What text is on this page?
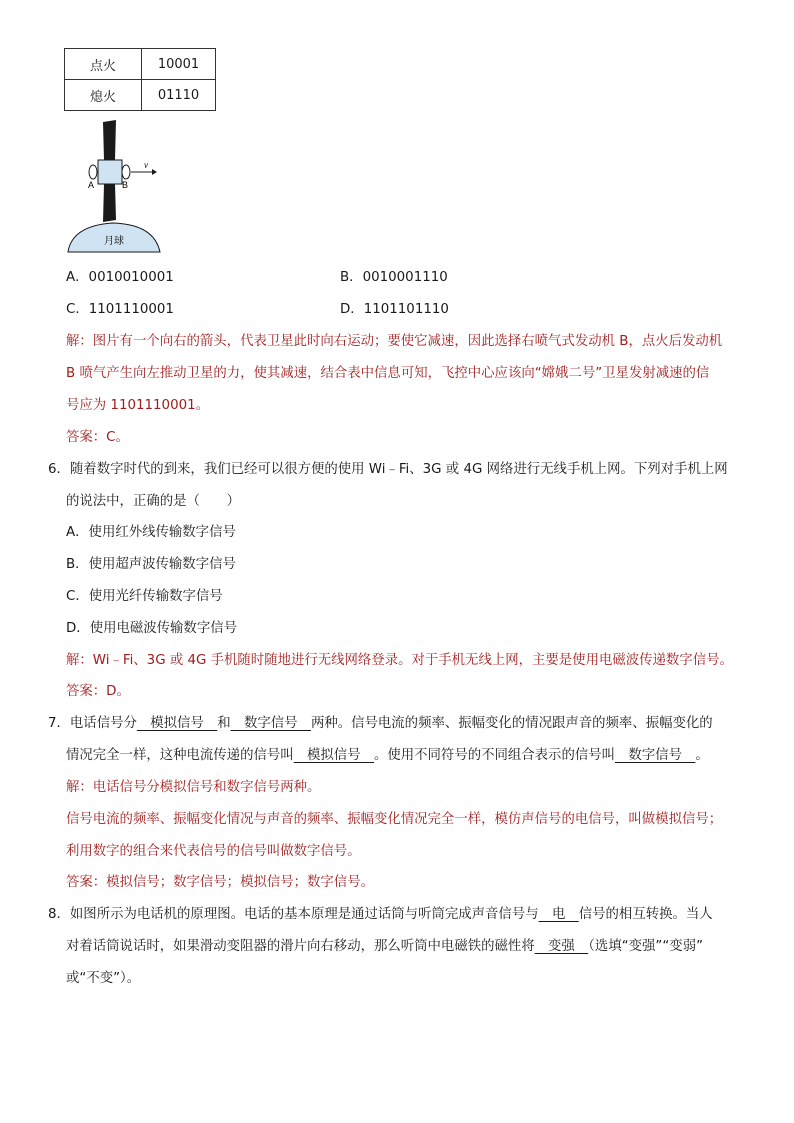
点火	10001
熄火	01110
v
A	B
月球
A．0010010001	B．0010001110
C．1101110001	D．1101101110
解：图片有一个向右的箭头，代表卫星此时向右运动；要使它减速，因此选择右喷气式发动机 B，点火后发动机
B 喷气产生向左推动卫星的力，使其减速，结合表中信息可知，飞控中心应该向“嫦娥二号”卫星发射减速的信
号应为 1101110001。
答案：C。
6．随着数字时代的到来，我们已经可以很方便的使用 Wi﹣Fi、3G 或 4G 网络进行无线手机上网。下列对手机上网
的说法中，正确的是（　　）
A．使用红外线传输数字信号
B．使用超声波传输数字信号
C．使用光纤传输数字信号
D．使用电磁波传输数字信号
解：Wi﹣Fi、3G 或 4G 手机随时随地进行无线网络登录。对于手机无线上网，主要是使用电磁波传递数字信号。
答案：D。
7．电话信号分　模拟信号　和　数字信号　两种。信号电流的频率、振幅变化的情况跟声音的频率、振幅变化的
情况完全一样，这种电流传递的信号叫　模拟信号　。使用不同符号的不同组合表示的信号叫　数字信号　。
解：电话信号分模拟信号和数字信号两种。
信号电流的频率、振幅变化情况与声音的频率、振幅变化情况完全一样，模仿声信号的电信号，叫做模拟信号；
利用数字的组合来代表信号的信号叫做数字信号。
答案：模拟信号；数字信号；模拟信号；数字信号。
8．如图所示为电话机的原理图。电话的基本原理是通过话筒与听筒完成声音信号与　电　信号的相互转换。当人
对着话筒说话时，如果滑动变阻器的滑片向右移动，那么听筒中电磁铁的磁性将　变强　（选填“变强”“变弱”
或“不变”）。
